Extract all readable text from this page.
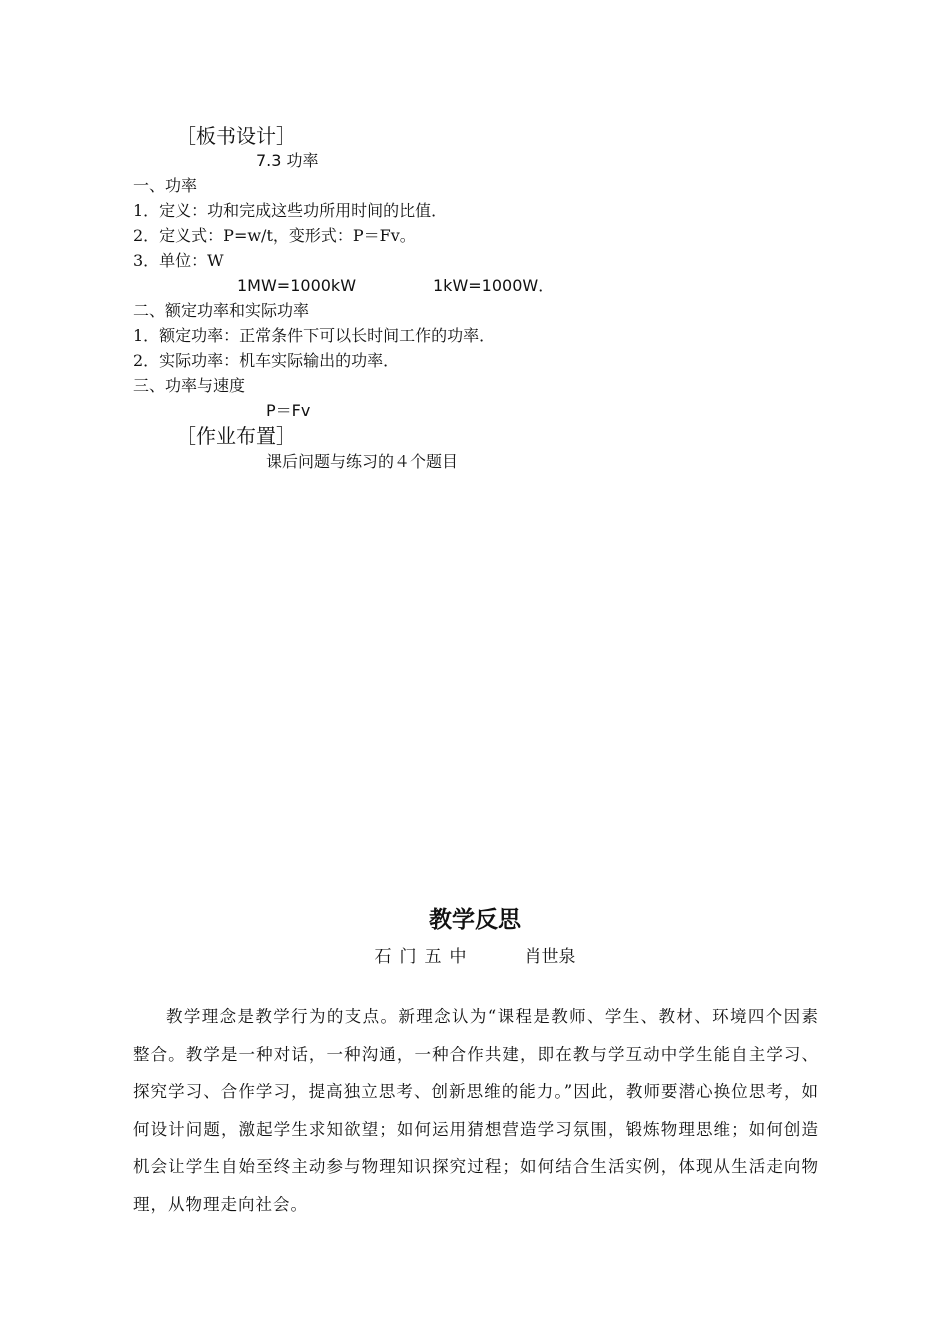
［板书设计］
7.3 功率
一、功率
1．定义：功和完成这些功所用时间的比值．
2．定义式：P=w/t，变形式：P＝Fv。
3．单位：W
1MW=1000kW	1kW=1000W．
二、额定功率和实际功率
1．额定功率：正常条件下可以长时间工作的功率．
2．实际功率：机车实际输出的功率．
三、功率与速度
P＝Fv
［作业布置］
课后问题与练习的４个题目
教学反思
石门五中	肖世泉
教学理念是教学行为的支点。新理念认为“课程是教师、学生、教材、环境四个因素整合。教学是一种对话，一种沟通，一种合作共建，即在教与学互动中学生能自主学习、探究学习、合作学习，提高独立思考、创新思维的能力。”因此，教师要潜心换位思考，如何设计问题，激起学生求知欲望；如何运用猜想营造学习氛围，锻炼物理思维；如何创造机会让学生自始至终主动参与物理知识探究过程；如何结合生活实例，体现从生活走向物理，从物理走向社会。
